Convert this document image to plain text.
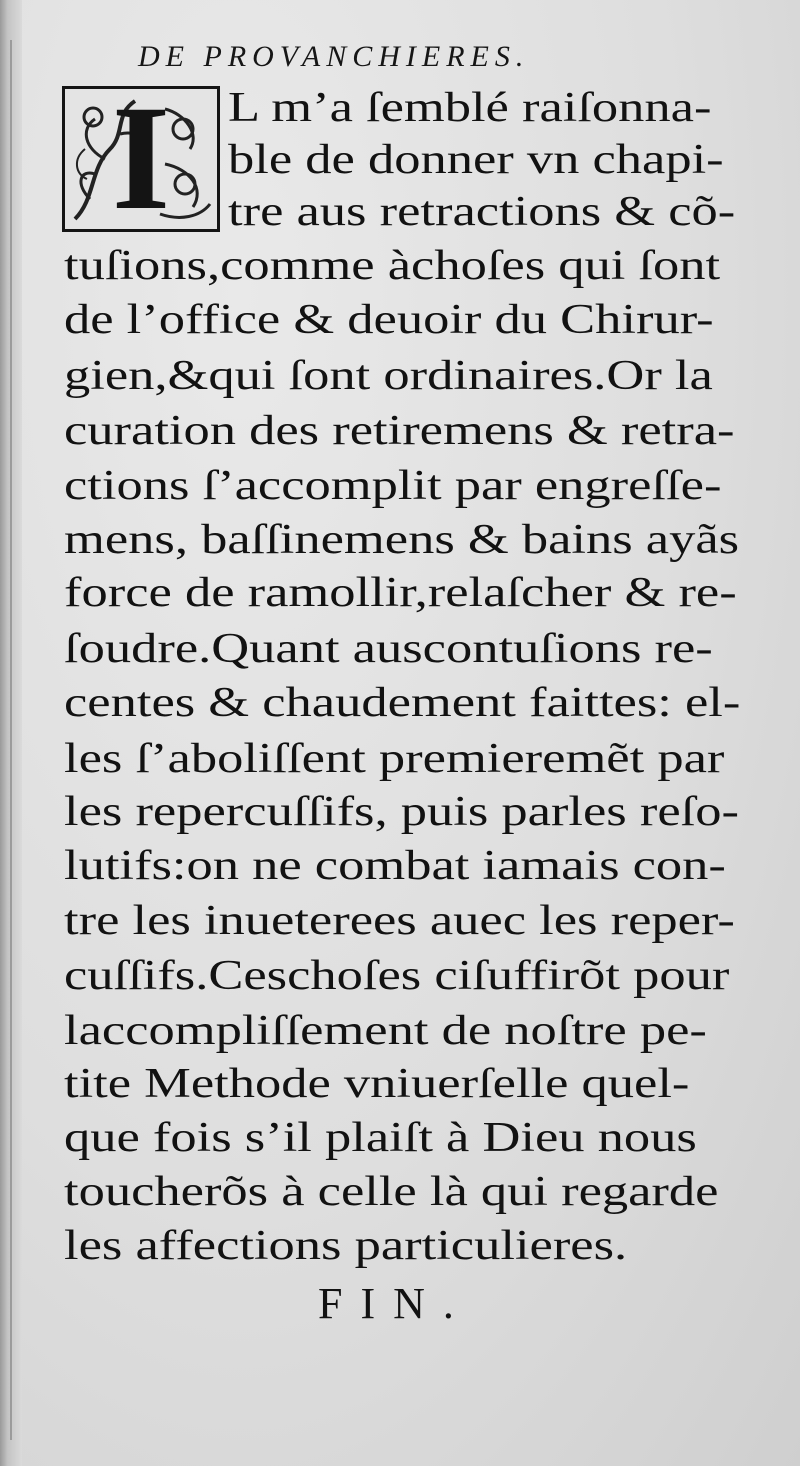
DE PROVANCHIERES.
I	L m’a ſemblé raiſonna-
ble de donner vn chapi-
tre aus retractions & cõ-
tuſions,comme àchoſes qui ſont
de l’office & deuoir du Chirur-
gien,&qui ſont ordinaires.Or la
curation des retiremens & retra-
ctions ſ’accomplit par engreſſe-
mens, baſſinemens & bains ayãs
force de ramollir,relaſcher & re-
ſoudre.Quant auscontuſions re-
centes & chaudement faittes: el-
les ſ’aboliſſent premieremẽt par
les repercuſſifs, puis parles reſo-
lutifs:on ne combat iamais con-
tre les inueterees auec les reper-
cuſſifs.Ceschoſes ciſuffirõt pour
laccompliſſement de noſtre pe-
tite Methode vniuerſelle quel-
que fois s’il plaiſt à Dieu nous
toucherõs à celle là qui regarde
les affections particulieres.
FIN.
